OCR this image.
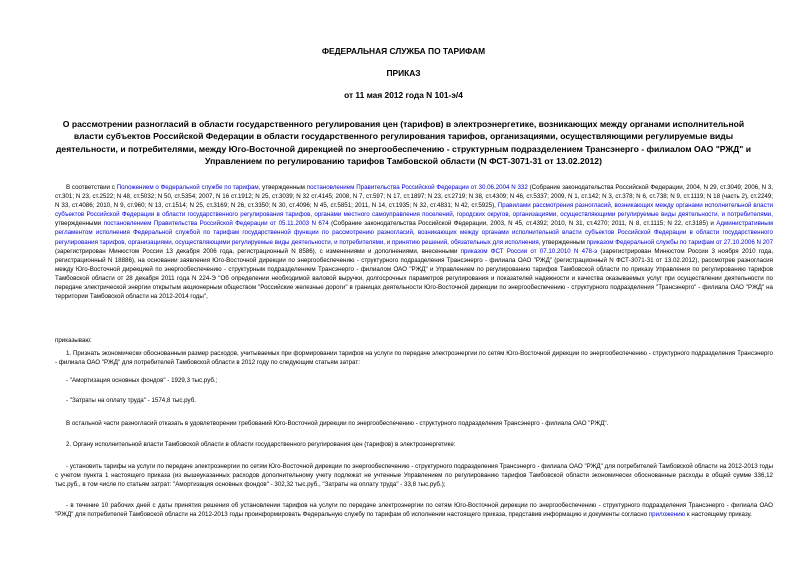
ФЕДЕРАЛЬНАЯ СЛУЖБА ПО ТАРИФАМ
ПРИКАЗ
от 11 мая 2012 года N 101-э/4
О рассмотрении разногласий в области государственного регулирования цен (тарифов) в электроэнергетике, возникающих между органами исполнительной власти субъектов Российской Федерации в области государственного регулирования тарифов, организациями, осуществляющими регулируемые виды деятельности, и потребителями, между Юго-Восточной дирекцией по энергообеспечению - структурным подразделением Трансэнерго - филиалом ОАО "РЖД" и Управлением по регулированию тарифов Тамбовской области (N ФСТ-3071-31 от 13.02.2012)
В соответствии с Положением о Федеральной службе по тарифам, утвержденным постановлением Правительства Российской Федерации от 30.06.2004 N 332 (Собрание законодательства Российской Федерации, 2004, N 29, ст.3049; 2006, N 3, ст.301; N 23, ст.2522; N 48, ст.5032; N 50, ст.5354; 2007, N 16 ст.1912; N 25, ст.3039; N 32 ст.4145; 2008, N 7, ст.597; N 17, ст.1897; N 23, ст.2719; N 38, ст.4309; N 46, ст.5337; 2009, N 1, ст.142; N 3, ст.378; N 6, ст.738; N 9, ст.1119; N 18 (часть 2), ст.2249; N 33, ст.4086; 2010, N 9, ст.960; N 13, ст.1514; N 25, ст.3169; N 26, ст.3350; N 30, ст.4096; N 45, ст.5851; 2011, N 14, ст.1935; N 32, ст.4831; N 42, ст.5925), Правилами рассмотрения разногласий, возникающих между органами исполнительной власти субъектов Российской Федерации в области государственного регулирования тарифов, органами местного самоуправления поселений, городских округов, организациями, осуществляющими регулируемые виды деятельности, и потребителями, утвержденными постановлением Правительства Российской Федерации от 05.11.2003 N 674 (Собрание законодательства Российской Федерации, 2003, N 45, ст.4392; 2010, N 31, ст.4270; 2011, N 8, ст.1115; N 22, ст.3185) и Административным регламентом исполнения Федеральной службой по тарифам государственной функции по рассмотрению разногласий, возникающих между органами исполнительной власти субъектов Российской Федерации в области государственного регулирования тарифов, организациями, осуществляющими регулируемые виды деятельности, и потребителями, и принятию решений, обязательных для исполнения, утвержденным приказом Федеральной службы по тарифам от 27.10.2006 N 207 (зарегистрирован Минюстом России 13 декабря 2006 года, регистрационный N 8586), с изменениями и дополнениями, внесенными приказом ФСТ России от 07.10.2010 N 478-э (зарегистрирован Минюстом России 3 ноября 2010 года, регистрационный N 18886), на основании заявления Юго-Восточной дирекции по энергообеспечению - структурного подразделения Трансэнерго - филиала ОАО "РЖД" (регистрационный N ФСТ-3071-31 от 13.02.2012), рассмотрев разногласия между Юго-Восточной дирекцией по энергообеспечению - структурным подразделением Трансэнерго - филиалом ОАО "РЖД" и Управлением по регулированию тарифов Тамбовской области по приказу Управления по регулированию тарифов Тамбовской области от 28 декабря 2011 года N 224-Э "Об определении необходимой валовой выручки, долгосрочных параметров регулирования и показателей надежности и качества оказываемых услуг при осуществлении деятельности по передаче электрической энергии открытым акционерным обществом "Российские железные дороги" в границах деятельности Юго-Восточной дирекции по энергообеспечению - структурного подразделения "Трансэнерго" - филиала ОАО "РЖД" на территории Тамбовской области на 2012-2014 годы",
приказываю:
1. Признать экономически обоснованным размер расходов, учитываемых при формировании тарифов на услуги по передаче электроэнергии по сетям Юго-Восточной дирекции по энергообеспечению - структурного подразделения Трансэнерго - филиала ОАО "РЖД" для потребителей Тамбовской области в 2012 году по следующим статьям затрат:
- "Амортизация основных фондов" - 1929,3 тыс.руб.;
- "Затраты на оплату труда" - 1574,8 тыс.руб.
В остальной части разногласий отказать в удовлетворении требований Юго-Восточной дирекции по энергообеспечению - структурного подразделения Трансэнерго - филиала ОАО "РЖД".
2. Органу исполнительной власти Тамбовской области в области государственного регулирования цен (тарифов) в электроэнергетике:
- установить тарифы на услуги по передаче электроэнергии по сетям Юго-Восточной дирекции по энергообеспечению - структурного подразделения Трансэнерго - филиала ОАО "РЖД" для потребителей Тамбовской области на 2012-2013 годы с учетом пункта 1 настоящего приказа (из вышеуказанных расходов дополнительному учету подлежат не учтенные Управлением по регулированию тарифов Тамбовской области экономически обоснованные расходы в общей сумме 336,12 тыс.руб., в том числе по статьям затрат: "Амортизация основных фондов" - 302,32 тыс.руб., "Затраты на оплату труда" - 33,8 тыс.руб.);
- в течение 10 рабочих дней с даты принятия решения об установлении тарифов на услуги по передаче электроэнергии по сетям Юго-Восточной дирекции по энергообеспечению - структурного подразделения Трансэнерго - филиала ОАО "РЖД" для потребителей Тамбовской области на 2012-2013 годы проинформировать Федеральную службу по тарифам об исполнении настоящего приказа, представив информацию и документы согласно приложению к настоящему приказу.
